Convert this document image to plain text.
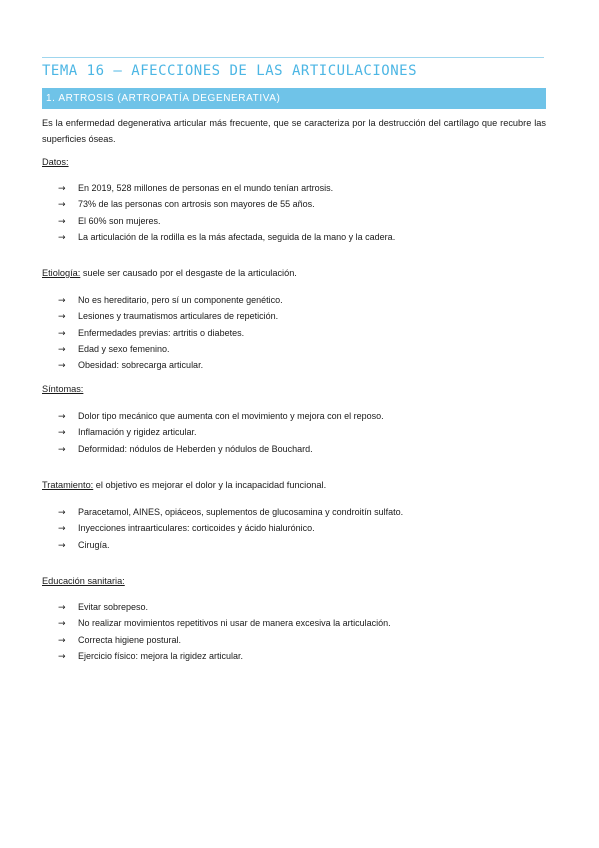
TEMA 16 – AFECCIONES DE LAS ARTICULACIONES
1. ARTROSIS (ARTROPATÍA DEGENERATIVA)
Es la enfermedad degenerativa articular más frecuente, que se caracteriza por la destrucción del cartílago que recubre las superficies óseas.
Datos:
→ En 2019, 528 millones de personas en el mundo tenían artrosis.
→ 73% de las personas con artrosis son mayores de 55 años.
→ El 60% son mujeres.
→ La articulación de la rodilla es la más afectada, seguida de la mano y la cadera.
Etiología: suele ser causado por el desgaste de la articulación.
→ No es hereditario, pero sí un componente genético.
→ Lesiones y traumatismos articulares de repetición.
→ Enfermedades previas: artritis o diabetes.
→ Edad y sexo femenino.
→ Obesidad: sobrecarga articular.
Síntomas:
→ Dolor tipo mecánico que aumenta con el movimiento y mejora con el reposo.
→ Inflamación y rigidez articular.
→ Deformidad: nódulos de Heberden y nódulos de Bouchard.
Tratamiento: el objetivo es mejorar el dolor y la incapacidad funcional.
→ Paracetamol, AINES, opiáceos, suplementos de glucosamina y condroitín sulfato.
→ Inyecciones intraarticulares: corticoides y ácido hialurónico.
→ Cirugía.
Educación sanitaria:
→ Evitar sobrepeso.
→ No realizar movimientos repetitivos ni usar de manera excesiva la articulación.
→ Correcta higiene postural.
→ Ejercicio físico: mejora la rigidez articular.
